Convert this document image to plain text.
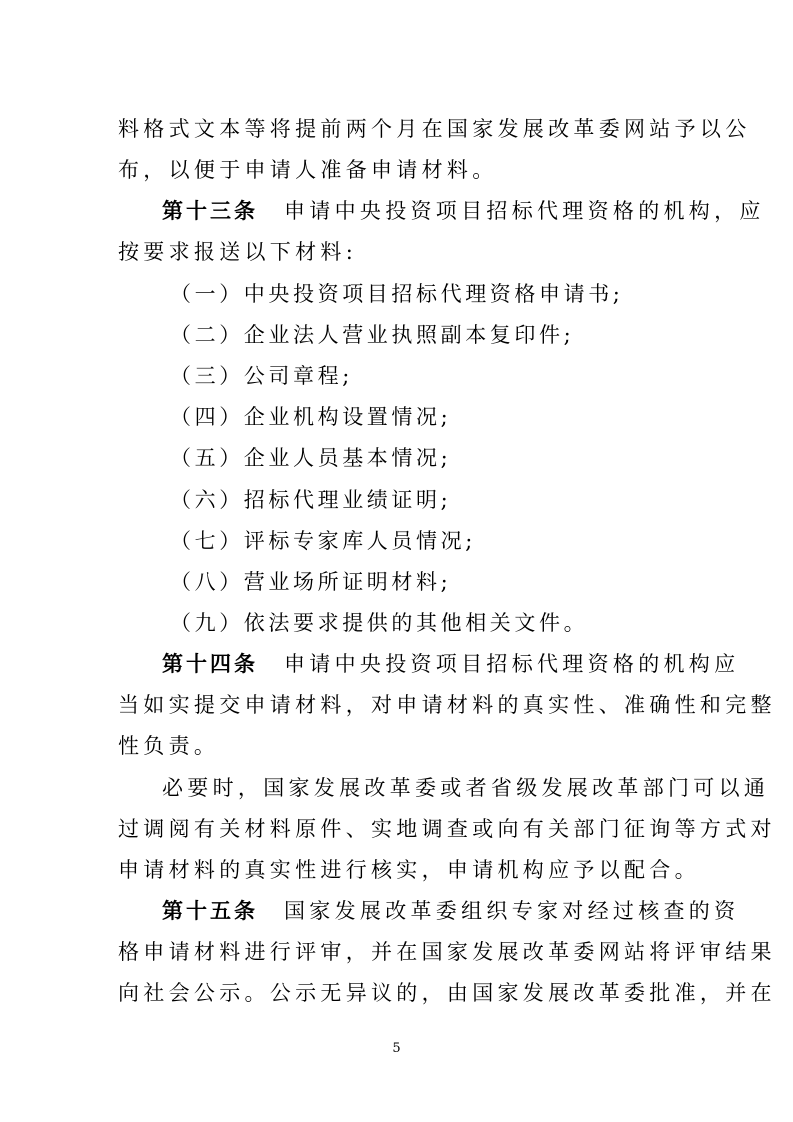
料格式文本等将提前两个月在国家发展改革委网站予以公
布，以便于申请人准备申请材料。
第十三条 申请中央投资项目招标代理资格的机构，应
按要求报送以下材料:
（一）中央投资项目招标代理资格申请书;
（二）企业法人营业执照副本复印件;
（三）公司章程;
（四）企业机构设置情况;
（五）企业人员基本情况;
（六）招标代理业绩证明;
（七）评标专家库人员情况;
（八）营业场所证明材料;
（九）依法要求提供的其他相关文件。
第十四条 申请中央投资项目招标代理资格的机构应
当如实提交申请材料，对申请材料的真实性、准确性和完整
性负责。
必要时，国家发展改革委或者省级发展改革部门可以通
过调阅有关材料原件、实地调查或向有关部门征询等方式对
申请材料的真实性进行核实，申请机构应予以配合。
第十五条 国家发展改革委组织专家对经过核查的资
格申请材料进行评审，并在国家发展改革委网站将评审结果
向社会公示。公示无异议的，由国家发展改革委批准，并在
5
